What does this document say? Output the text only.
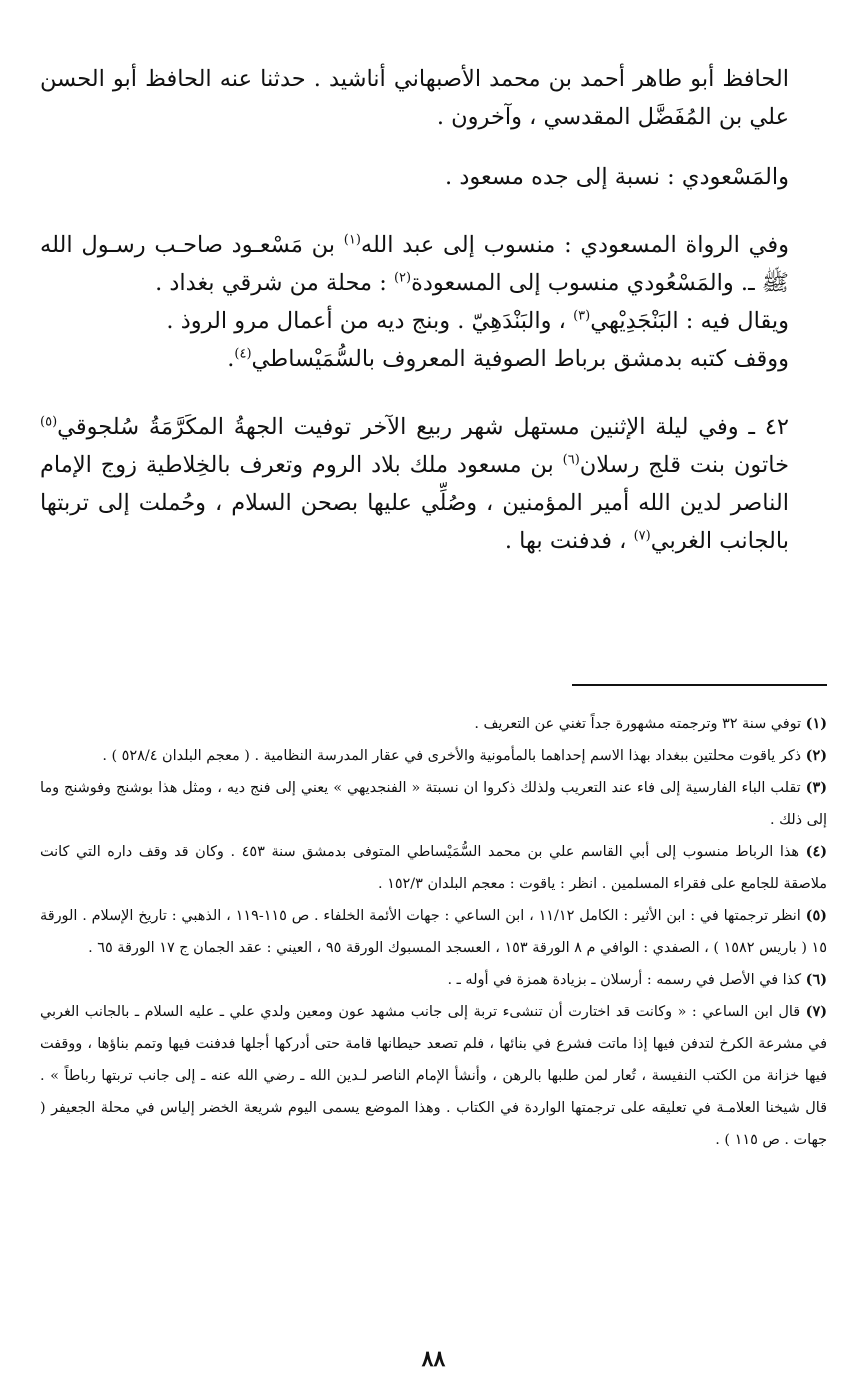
الحافظ أبو طاهر أحمد بن محمد الأصبهاني أناشيد . حدثنا عنه الحافظ أبو الحسن علي بن المُفَضَّل المقدسي ، وآخرون .

والمَسْعودي : نسبة إلى جده مسعود .

وفي الرواة المسعودي : منسوب إلى عبد الله$^{(١)}$ بن مَسْعـود صاحـب رسـول الله ﷺ ـ. والمَسْعُودي منسوب إلى المسعودة$^{(٢)}$ : محلة من شرقي بغداد .

ويقال فيه : البَنْجَدِيْهي$^{(٣)}$ ، والبَنْدَهِيّ . وبنج ديه من أعمال مرو الروذ .

ووقف كتبه بدمشق برباط الصوفية المعروف بالسُّمَيْساطي$^{(٤)}$.

٤٢ ـ وفي ليلة الإثنين مستهل شهر ربيع الآخر توفيت الجهةُ المكَرَّمَةُ سُلجوقي$^{(٥)}$ خاتون بنت قلج رسلان$^{(٦)}$ بن مسعود ملك بلاد الروم وتعرف بالخِلاطية زوج الإمام الناصر لدين الله أمير المؤمنين ، وصُلِّي عليها بصحن السلام ، وحُملت إلى تربتها بالجانب الغربي$^{(٧)}$ ، فدفنت بها .

(١) توفي سنة ٣٢ وترجمته مشهورة جداً تغني عن التعريف .

(٢) ذكر ياقوت محلتين ببغداد بهذا الاسم إحداهما بالمأمونية والأخرى في عقار المدرسة النظامية . ( معجم البلدان ٥٢٨/٤ ) .

(٣) تقلب الباء الفارسية إلى فاء عند التعريب ولذلك ذكروا ان نسبتة « الفنجديهي » يعني إلى فنج ديه ، ومثل هذا بوشنج وفوشنج وما إلى ذلك .

(٤) هذا الرباط منسوب إلى أبي القاسم علي بن محمد السُّمَيْساطي المتوفى بدمشق سنة ٤٥٣ . وكان قد وقف داره التي كانت ملاصقة للجامع على فقراء المسلمين . انظر : ياقوت : معجم البلدان ١٥٢/٣ .

(٥) انظر ترجمتها في : ابن الأثير : الكامل ١١/١٢ ، ابن الساعي : جهات الأئمة الخلفاء . ص ١١٥-١١٩ ، الذهبي : تاريخ الإسلام . الورقة ١٥ ( باريس ١٥٨٢ ) ، الصفدي : الوافي م ٨ الورقة ١٥٣ ، العسجد المسبوك الورقة ٩٥ ، العيني : عقد الجمان ج ١٧ الورقة ٦٥ .

(٦) كذا في الأصل في رسمه : أرسلان ـ بزيادة همزة في أوله ـ .

(٧) قال ابن الساعي : « وكانت قد اختارت أن تنشىء تربة إلى جانب مشهد عون ومعين ولدي علي ـ عليه السلام ـ بالجانب الغربي في مشرعة الكرخ لتدفن فيها إذا ماتت فشرع في بنائها ، فلم تصعد حيطانها قامة حتى أدركها أجلها فدفنت فيها وتمم بناؤها ، ووقفت فيها خزانة من الكتب النفيسة ، تُعار لمن طلبها بالرهن ، وأنشأ الإمام الناصر لـدين الله ـ رضي الله عنه ـ إلى جانب تربتها رباطاً » . قال شيخنا العلامـة في تعليقه على ترجمتها الواردة في الكتاب . وهذا الموضع يسمى اليوم شريعة الخضر إلياس في محلة الجعيفر ( جهات . ص ١١٥ ) .

٨٨
